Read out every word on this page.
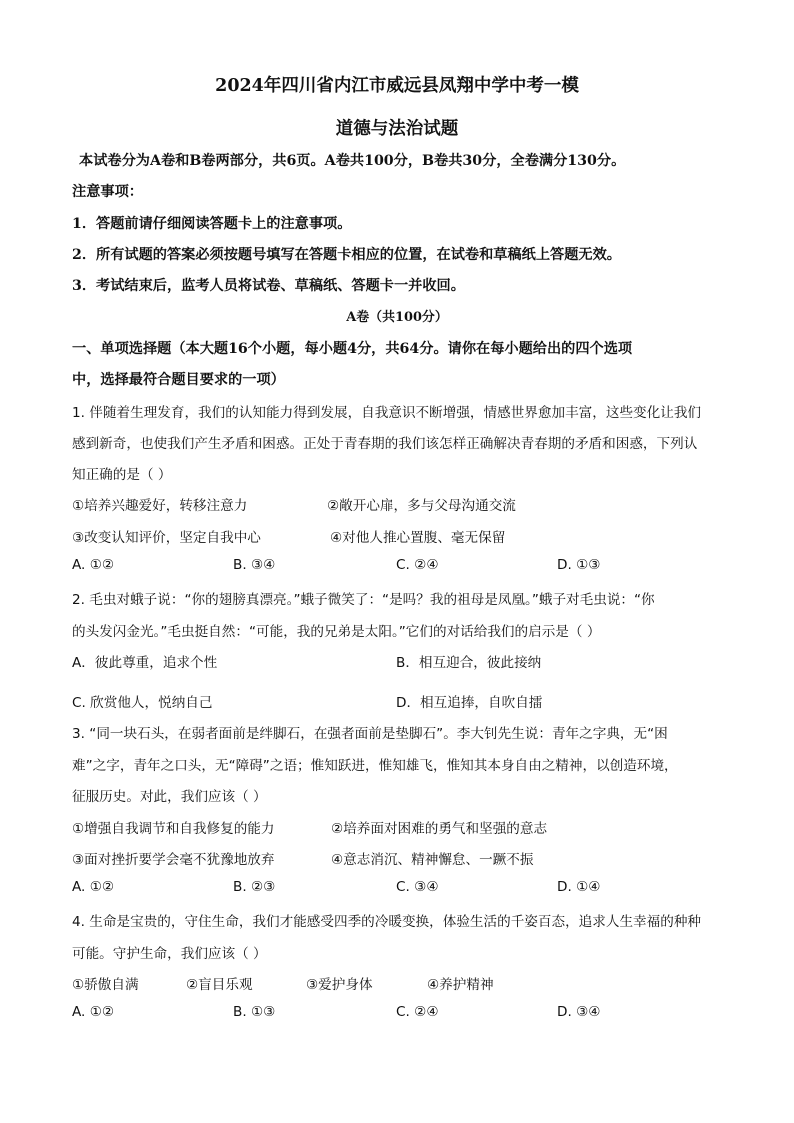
2024年四川省内江市威远县凤翔中学中考一模
道德与法治试题
本试卷分为A卷和B卷两部分，共6页。A卷共100分，B卷共30分，全卷满分130分。
注意事项：
1．答题前请仔细阅读答题卡上的注意事项。
2．所有试题的答案必须按题号填写在答题卡相应的位置，在试卷和草稿纸上答题无效。
3．考试结束后，监考人员将试卷、草稿纸、答题卡一并收回。
A卷（共100分）
一、单项选择题（本大题16个小题，每小题4分，共64分。请你在每小题给出的四个选项
中，选择最符合题目要求的一项）
1. 伴随着生理发育，我们的认知能力得到发展，自我意识不断增强，情感世界愈加丰富，这些变化让我们
感到新奇，也使我们产生矛盾和困惑。正处于青春期的我们该怎样正确解决青春期的矛盾和困惑，下列认
知正确的是（ ）
①培养兴趣爱好，转移注意力	②敞开心扉，多与父母沟通交流
③改变认知评价，坚定自我中心	④对他人推心置腹、毫无保留
A. ①②	B. ③④	C. ②④	D. ①③
2. 毛虫对蛾子说：“你的翅膀真漂亮。”蛾子微笑了：“是吗？我的祖母是凤凰。”蛾子对毛虫说：“你
的头发闪金光。”毛虫挺自然：“可能，我的兄弟是太阳。”它们的对话给我们的启示是（ ）
A．彼此尊重，追求个性	B．相互迎合，彼此接纳
C. 欣赏他人，悦纳自己	D．相互追捧，自吹自擂
3. “同一块石头，在弱者面前是绊脚石，在强者面前是垫脚石”。李大钊先生说：青年之字典，无“困
难”之字，青年之口头，无“障碍”之语；惟知跃进，惟知雄飞，惟知其本身自由之精神，以创造环境，
征服历史。对此，我们应该（ ）
①增强自我调节和自我修复的能力	②培养面对困难的勇气和坚强的意志
③面对挫折要学会毫不犹豫地放弃	④意志消沉、精神懈怠、一蹶不振
A. ①②	B. ②③	C. ③④	D. ①④
4. 生命是宝贵的，守住生命，我们才能感受四季的冷暖变换，体验生活的千姿百态，追求人生幸福的种种
可能。守护生命，我们应该（ ）
①骄傲自满	②盲目乐观	③爱护身体	④养护精神
A. ①②	B. ①③	C. ②④	D. ③④
